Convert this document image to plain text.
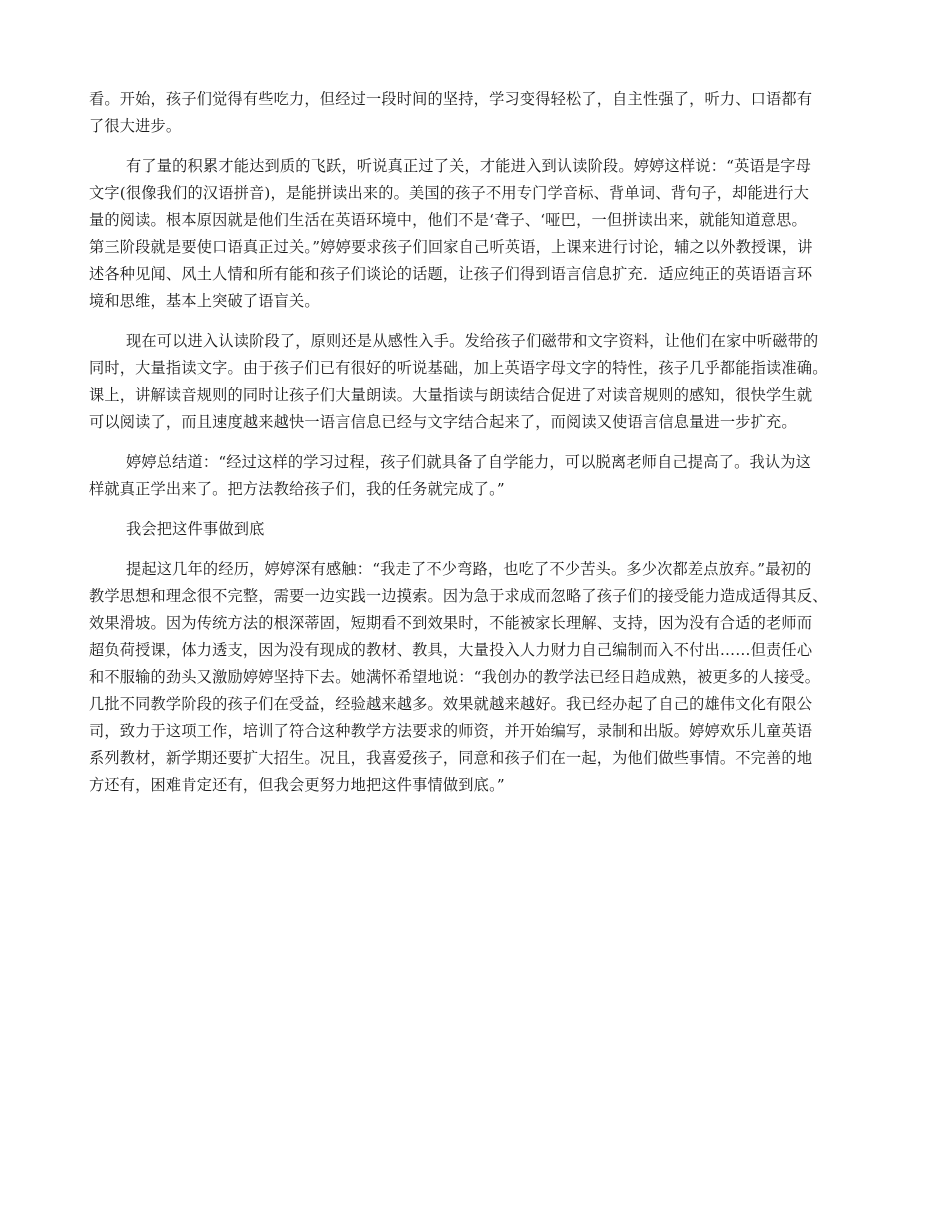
看。开始，孩子们觉得有些吃力，但经过一段时间的坚持，学习变得轻松了，自主性强了，听力、口语都有
了很大进步。
有了量的积累才能达到质的飞跃，听说真正过了关，才能进入到认读阶段。婷婷这样说：“英语是字母
文字(很像我们的汉语拼音)，是能拼读出来的。美国的孩子不用专门学音标、背单词、背句子，却能进行大
量的阅读。根本原因就是他们生活在英语环境中，他们不是‘聋子、‘哑巴，一但拼读出来，就能知道意思。
第三阶段就是要使口语真正过关。”婷婷要求孩子们回家自己听英语，上课来进行讨论，辅之以外教授课，讲
述各种见闻、风土人情和所有能和孩子们谈论的话题，让孩子们得到语言信息扩充．适应纯正的英语语言环
境和思维，基本上突破了语盲关。
现在可以进入认读阶段了，原则还是从感性入手。发给孩子们磁带和文字资料，让他们在家中听磁带的
同时，大量指读文字。由于孩子们已有很好的听说基础，加上英语字母文字的特性，孩子几乎都能指读准确。
课上，讲解读音规则的同时让孩子们大量朗读。大量指读与朗读结合促进了对读音规则的感知，很快学生就
可以阅读了，而且速度越来越快一语言信息已经与文字结合起来了，而阅读又使语言信息量进一步扩充。
婷婷总结道：“经过这样的学习过程，孩子们就具备了自学能力，可以脱离老师自己提高了。我认为这
样就真正学出来了。把方法教给孩子们，我的任务就完成了。”
我会把这件事做到底
提起这几年的经历，婷婷深有感触：“我走了不少弯路，也吃了不少苦头。多少次都差点放弃。”最初的
教学思想和理念很不完整，需要一边实践一边摸索。因为急于求成而忽略了孩子们的接受能力造成适得其反、
效果滑坡。因为传统方法的根深蒂固，短期看不到效果时，不能被家长理解、支持，因为没有合适的老师而
超负荷授课，体力透支，因为没有现成的教材、教具，大量投入人力财力自己编制而入不付出……但责任心
和不服输的劲头又激励婷婷坚持下去。她满怀希望地说：“我创办的教学法已经日趋成熟，被更多的人接受。
几批不同教学阶段的孩子们在受益，经验越来越多。效果就越来越好。我已经办起了自己的雄伟文化有限公
司，致力于这项工作，培训了符合这种教学方法要求的师资，并开始编写，录制和出版。婷婷欢乐儿童英语
系列教材，新学期还要扩大招生。况且，我喜爱孩子，同意和孩子们在一起，为他们做些事情。不完善的地
方还有，困难肯定还有，但我会更努力地把这件事情做到底。”
